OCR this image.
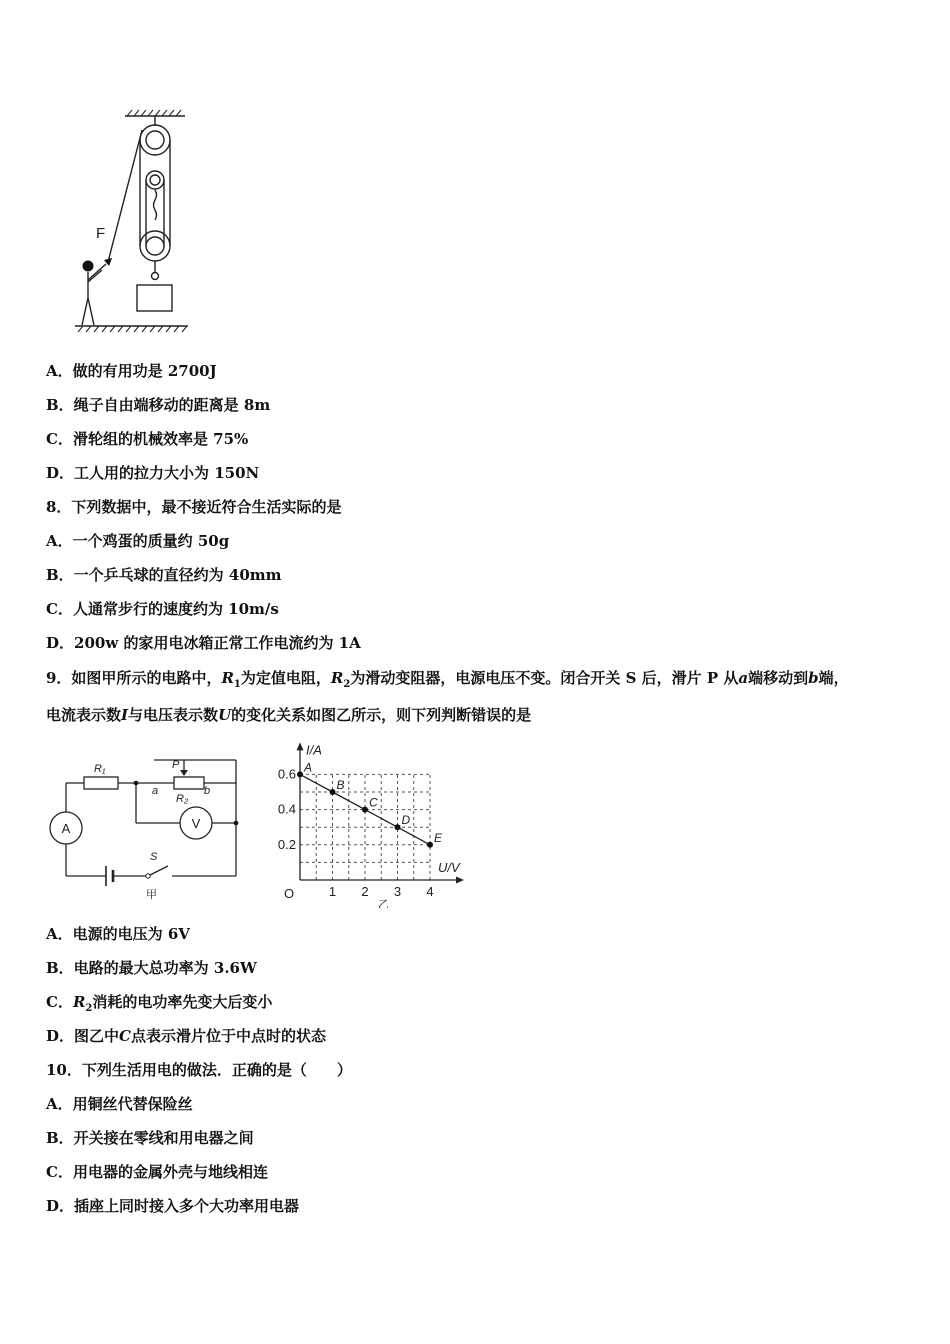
F
A．做的有用功是 2700J
B．绳子自由端移动的距离是 8m
C．滑轮组的机械效率是 75%
D．工人用的拉力大小为 150N
8．下列数据中，最不接近符合生活实际的是
A．一个鸡蛋的质量约 50g
B．一个乒乓球的直径约为 40mm
C．人通常步行的速度约为 10m/s
D．200w 的家用电冰箱正常工作电流约为 1A
9．如图甲所示的电路中，$R_1$为定值电阻，$R_2$为滑动变阻器，电源电压不变。闭合开关 S 后，滑片 P 从a端移动到b端，
电流表示数I与电压表示数U的变化关系如图乙所示，则下列判断错误的是
R₁	P
R₂
a	b
S
A	V
甲
A
B
C
D
E
1 2 3 4
0.2
0.4
0.6
O
U/V
I/A
乙
A．电源的电压为 6V
B．电路的最大总功率为 3.6W
C．$R_2$消耗的电功率先变大后变小
D．图乙中C点表示滑片位于中点时的状态
10．下列生活用电的做法．正确的是（　　）
A．用铜丝代替保险丝
B．开关接在零线和用电器之间
C．用电器的金属外壳与地线相连
D．插座上同时接入多个大功率用电器
